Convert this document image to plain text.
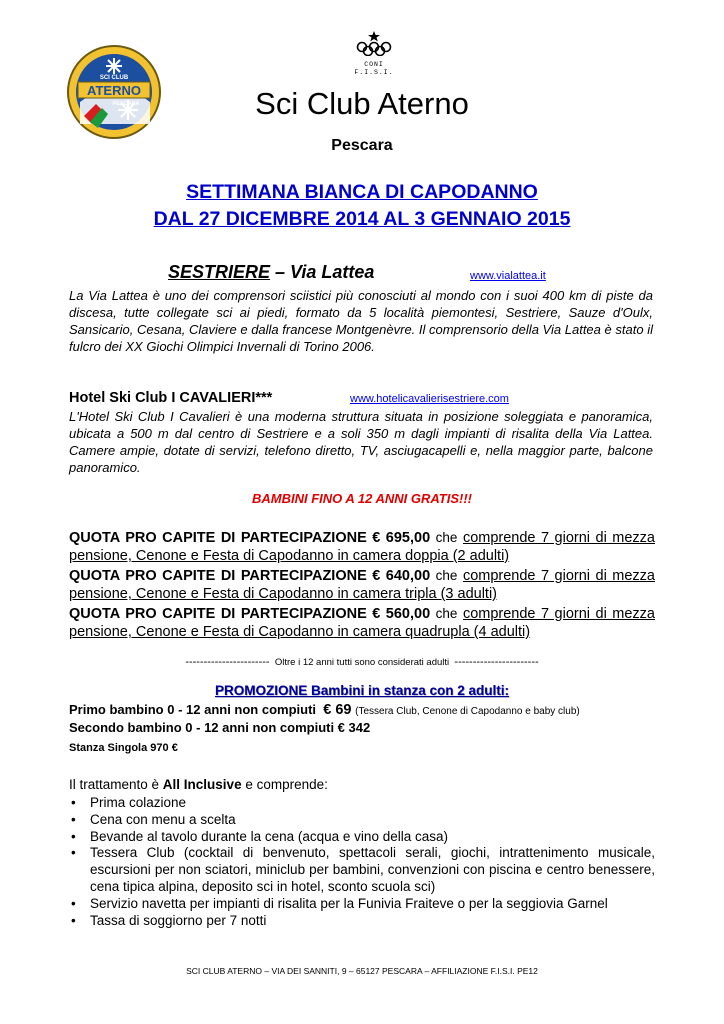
ATERNO
SCI CLUB
PESCARA
CONI
F.I.S.I.
Sci Club Aterno
Pescara
SETTIMANA BIANCA DI CAPODANNO
DAL 27 DICEMBRE 2014 AL 3 GENNAIO 2015
SESTRIERE – Via Lattea	www.vialattea.it
La Via Lattea è uno dei comprensori sciistici più conosciuti al mondo con i suoi 400 km di piste da discesa, tutte collegate sci ai piedi, formato da 5 località piemontesi, Sestriere, Sauze d'Oulx, Sansicario, Cesana, Claviere e dalla francese Montgenèvre. Il comprensorio della Via Lattea è stato il fulcro dei XX Giochi Olimpici Invernali di Torino 2006.
Hotel Ski Club I CAVALIERI***	www.hotelicavalierisestriere.com
L'Hotel Ski Club I Cavalieri è una moderna struttura situata in posizione soleggiata e panoramica, ubicata a 500 m dal centro di Sestriere e a soli 350 m dagli impianti di risalita della Via Lattea. Camere ampie, dotate di servizi, telefono diretto, TV, asciugacapelli e, nella maggior parte, balcone panoramico.
BAMBINI FINO A 12 ANNI GRATIS!!!
QUOTA PRO CAPITE DI PARTECIPAZIONE € 695,00 che comprende 7 giorni di mezza pensione, Cenone e Festa di Capodanno in camera doppia (2 adulti)
QUOTA PRO CAPITE DI PARTECIPAZIONE € 640,00 che comprende 7 giorni di mezza pensione, Cenone e Festa di Capodanno in camera tripla (3 adulti)
QUOTA PRO CAPITE DI PARTECIPAZIONE € 560,00 che comprende 7 giorni di mezza pensione, Cenone e Festa di Capodanno in camera quadrupla (4 adulti)
----------------------- Oltre i 12 anni tutti sono considerati adulti -----------------------
PROMOZIONE Bambini in stanza con 2 adulti:
Primo bambino 0 - 12 anni non compiuti € 69 (Tessera Club, Cenone di Capodanno e baby club)
Secondo bambino 0 - 12 anni non compiuti € 342
Stanza Singola 970 €
Il trattamento è All Inclusive e comprende:
• Prima colazione
• Cena con menu a scelta
• Bevande al tavolo durante la cena (acqua e vino della casa)
• Tessera Club (cocktail di benvenuto, spettacoli serali, giochi, intrattenimento musicale, escursioni per non sciatori, miniclub per bambini, convenzioni con piscina e centro benessere, cena tipica alpina, deposito sci in hotel, sconto scuola sci)
• Servizio navetta per impianti di risalita per la Funivia Fraiteve o per la seggiovia Garnel
• Tassa di soggiorno per 7 notti
SCI CLUB ATERNO – VIA DEI SANNITI, 9 – 65127 PESCARA – AFFILIAZIONE F.I.S.I. PE12
